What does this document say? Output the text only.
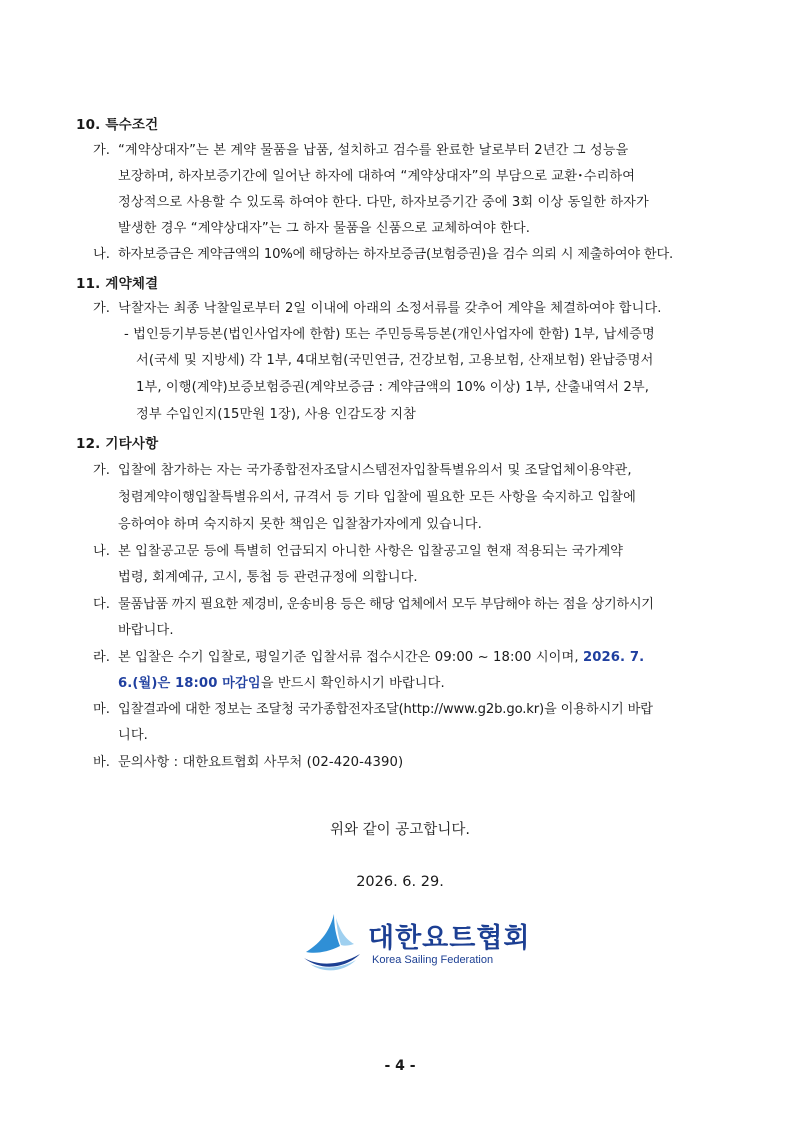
10. 특수조건
가. “계약상대자”는 본 계약 물품을 납품, 설치하고 검수를 완료한 날로부터 2년간 그 성능을
보장하며, 하자보증기간에 일어난 하자에 대하여 “계약상대자”의 부담으로 교환･수리하여
정상적으로 사용할 수 있도록 하여야 한다. 다만, 하자보증기간 중에 3회 이상 동일한 하자가
발생한 경우 “계약상대자”는 그 하자 물품을 신품으로 교체하여야 한다.
나. 하자보증금은 계약금액의 10%에 해당하는 하자보증금(보험증권)을 검수 의뢰 시 제출하여야 한다.
11. 계약체결
가. 낙찰자는 최종 낙찰일로부터 2일 이내에 아래의 소정서류를 갖추어 계약을 체결하여야 합니다.
- 법인등기부등본(법인사업자에 한함) 또는 주민등록등본(개인사업자에 한함) 1부, 납세증명
서(국세 및 지방세) 각 1부, 4대보험(국민연금, 건강보험, 고용보험, 산재보험) 완납증명서
1부, 이행(계약)보증보험증권(계약보증금 : 계약금액의 10% 이상) 1부, 산출내역서 2부,
정부 수입인지(15만원 1장), 사용 인감도장 지참
12. 기타사항
가. 입찰에 참가하는 자는 국가종합전자조달시스템전자입찰특별유의서 및 조달업체이용약관,
청렴계약이행입찰특별유의서, 규격서 등 기타 입찰에 필요한 모든 사항을 숙지하고 입찰에
응하여야 하며 숙지하지 못한 책임은 입찰참가자에게 있습니다.
나. 본 입찰공고문 등에 특별히 언급되지 아니한 사항은 입찰공고일 현재 적용되는 국가계약
법령, 회계예규, 고시, 통첩 등 관련규정에 의합니다.
다. 물품납품 까지 필요한 제경비, 운송비용 등은 해당 업체에서 모두 부담해야 하는 점을 상기하시기
바랍니다.
라. 본 입찰은 수기 입찰로, 평일기준 입찰서류 접수시간은 09:00 ~ 18:00 시이며, 2026. 7.
6.(월)은 18:00 마감임을 반드시 확인하시기 바랍니다.
마. 입찰결과에 대한 정보는 조달청 국가종합전자조달(http://www.g2b.go.kr)을 이용하시기 바랍
니다.
바. 문의사항 : 대한요트협회 사무처 (02-420-4390)
위와 같이 공고합니다.
2026. 6. 29.
대한요트협회
Korea Sailing Federation
- 4 -
